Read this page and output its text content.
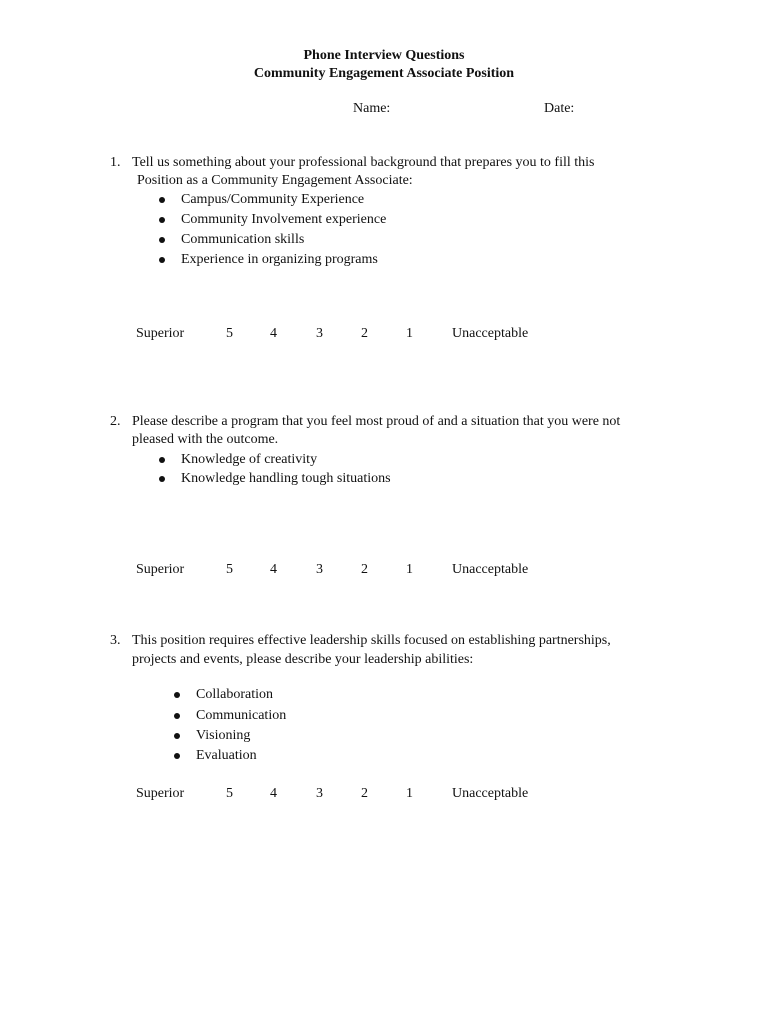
Phone Interview Questions
Community Engagement Associate Position
Name:	Date:
1. Tell us something about your professional background that prepares you to fill this
Position as a Community Engagement Associate:
Campus/Community Experience
Community Involvement experience
Communication skills
Experience in organizing programs
Superior	5	4	3	2	1	Unacceptable
2. Please describe a program that you feel most proud of and a situation that you were not
pleased with the outcome.
Knowledge of creativity
Knowledge handling tough situations
Superior	5	4	3	2	1	Unacceptable
3. This position requires effective leadership skills focused on establishing partnerships,
projects and events, please describe your leadership abilities:
Collaboration
Communication
Visioning
Evaluation
Superior	5	4	3	2	1	Unacceptable
